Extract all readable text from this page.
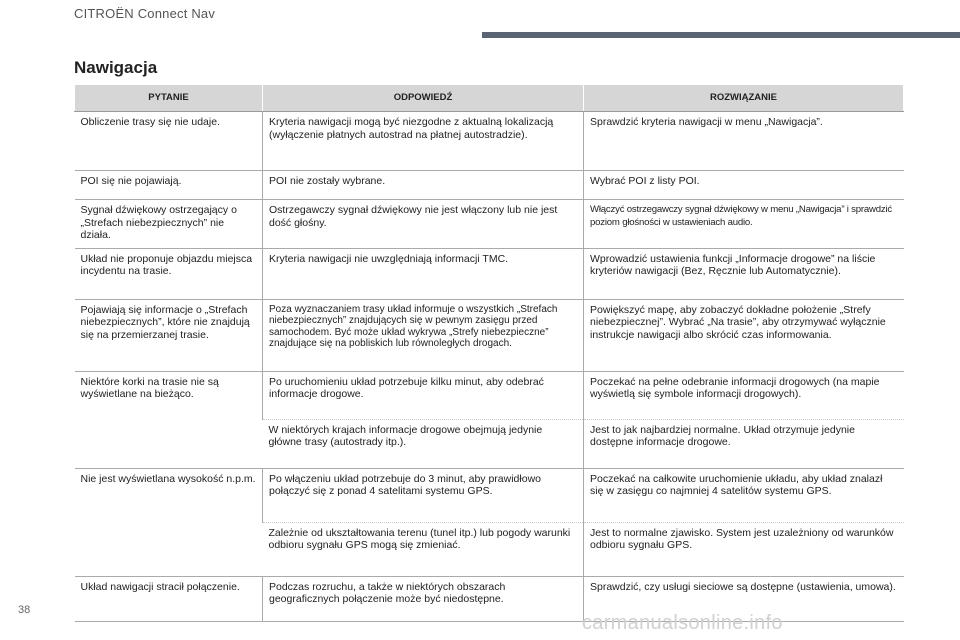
CITROËN Connect Nav
Nawigacja
PYTANIE	ODPOWIEDŹ	ROZWIĄZANIE
Obliczenie trasy się nie udaje.	Kryteria nawigacji mogą być niezgodne z aktualną lokalizacją (wyłączenie płatnych autostrad na płatnej autostradzie).	Sprawdzić kryteria nawigacji w menu „Nawigacja”.
POI się nie pojawiają.	POI nie zostały wybrane.	Wybrać POI z listy POI.
Sygnał dźwiękowy ostrzegający o „Strefach niebezpiecznych” nie działa.	Ostrzegawczy sygnał dźwiękowy nie jest włączony lub nie jest dość głośny.	Włączyć ostrzegawczy sygnał dźwiękowy w menu „Nawigacja” i sprawdzić poziom głośności w ustawieniach audio.
Układ nie proponuje objazdu miejsca incydentu na trasie.	Kryteria nawigacji nie uwzględniają informacji TMC.	Wprowadzić ustawienia funkcji „Informacje drogowe” na liście kryteriów nawigacji (Bez, Ręcznie lub Automatycznie).
Pojawiają się informacje o „Strefach niebezpiecznych”, które nie znajdują się na przemierzanej trasie.	Poza wyznaczaniem trasy układ informuje o wszystkich „Strefach niebezpiecznych” znajdujących się w pewnym zasięgu przed samochodem. Być może układ wykrywa „Strefy niebezpieczne” znajdujące się na pobliskich lub równoległych drogach.	Powiększyć mapę, aby zobaczyć dokładne położenie „Strefy niebezpiecznej”. Wybrać „Na trasie”, aby otrzymywać wyłącznie instrukcje nawigacji albo skrócić czas informowania.
Niektóre korki na trasie nie są wyświetlane na bieżąco.	Po uruchomieniu układ potrzebuje kilku minut, aby odebrać informacje drogowe.	Poczekać na pełne odebranie informacji drogowych (na mapie wyświetlą się symbole informacji drogowych).
	W niektórych krajach informacje drogowe obejmują jedynie główne trasy (autostrady itp.).	Jest to jak najbardziej normalne. Układ otrzymuje jedynie dostępne informacje drogowe.
Nie jest wyświetlana wysokość n.p.m.	Po włączeniu układ potrzebuje do 3 minut, aby prawidłowo połączyć się z ponad 4 satelitami systemu GPS.	Poczekać na całkowite uruchomienie układu, aby układ znalazł się w zasięgu co najmniej 4 satelitów systemu GPS.
	Zależnie od ukształtowania terenu (tunel itp.) lub pogody warunki odbioru sygnału GPS mogą się zmieniać.	Jest to normalne zjawisko. System jest uzależniony od warunków odbioru sygnału GPS.
Układ nawigacji stracił połączenie.	Podczas rozruchu, a także w niektórych obszarach geograficznych połączenie może być niedostępne.	Sprawdzić, czy usługi sieciowe są dostępne (ustawienia, umowa).
38
carmanualsonline.info
